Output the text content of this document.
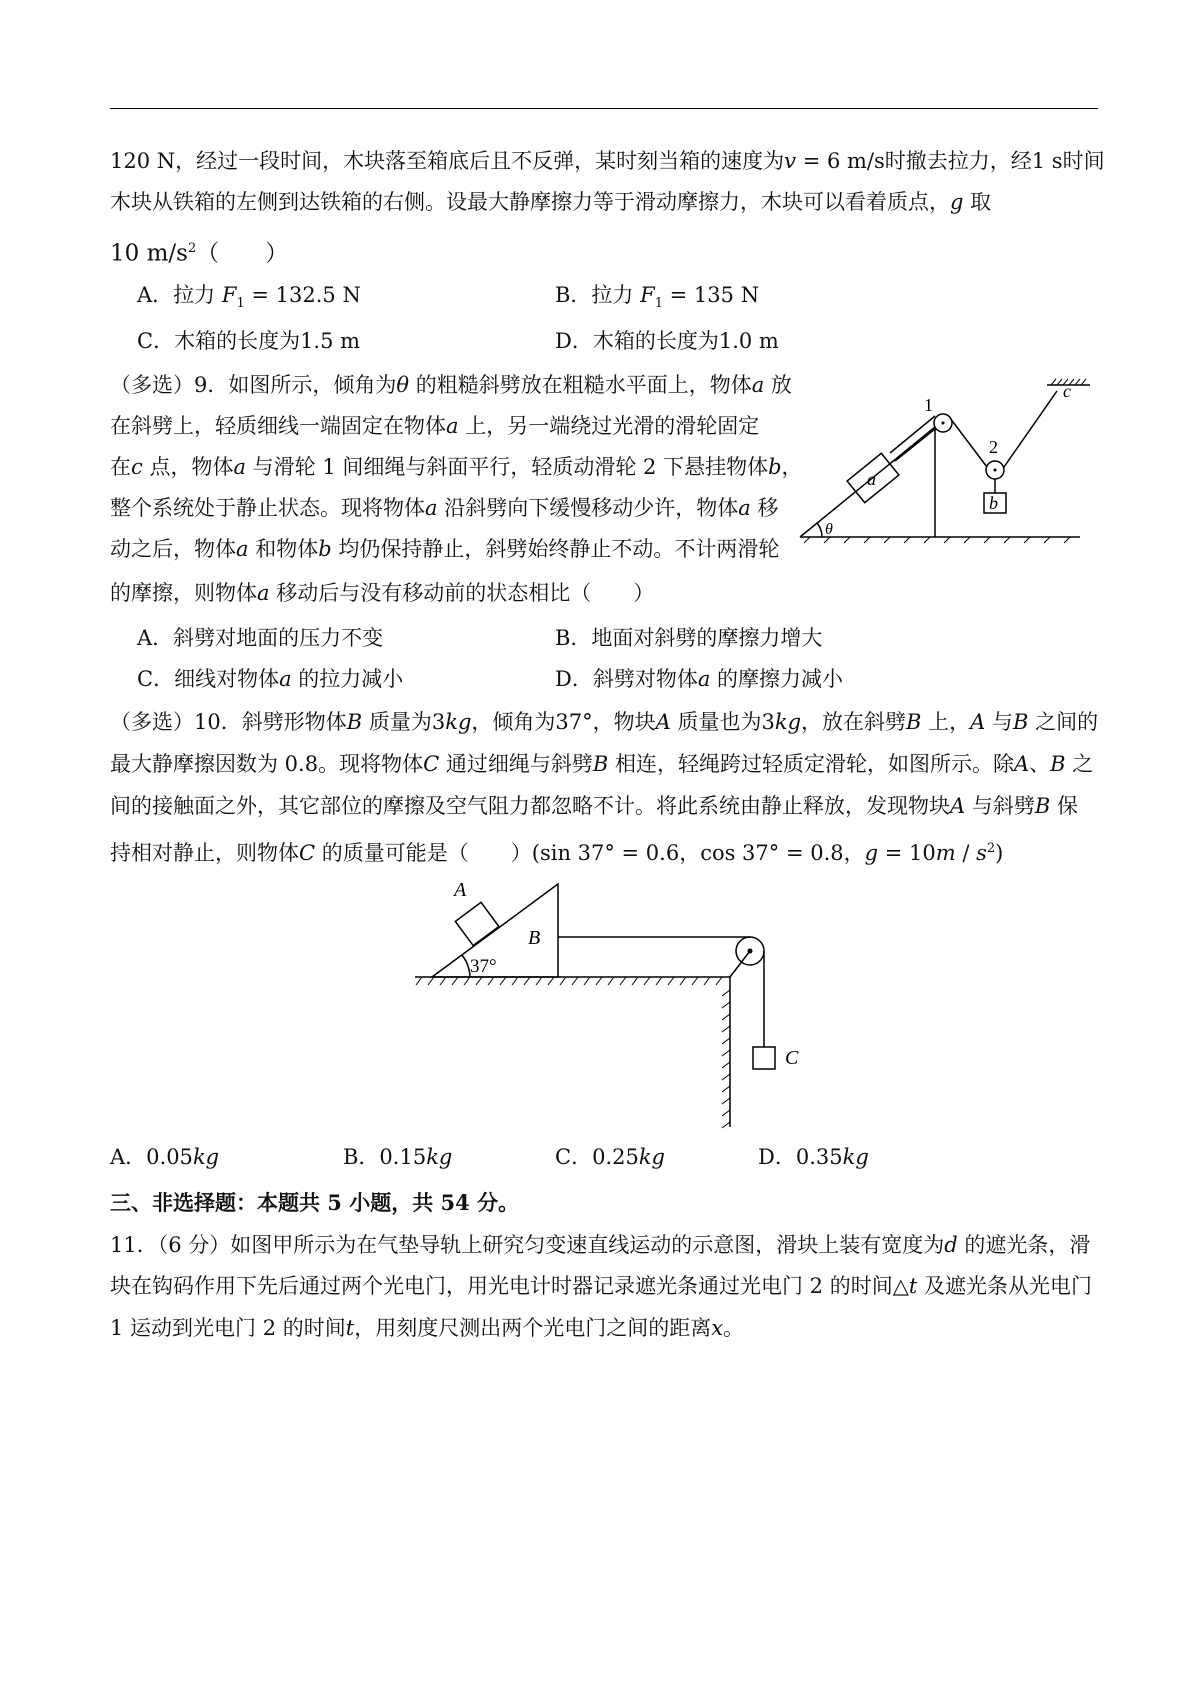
120 N，经过一段时间，木块落至箱底后且不反弹，某时刻当箱的速度为v = 6 m/s时撤去拉力，经1 s时间
木块从铁箱的左侧到达铁箱的右侧。设最大静摩擦力等于滑动摩擦力，木块可以看着质点，g 取
10 $m/s^2$（　　）
A．拉力 $F_1 = 132.5$ N	B．拉力 $F_1 = 135$ N
C．木箱的长度为1.5 m	D．木箱的长度为1.0 m
（多选）9．如图所示，倾角为θ 的粗糙斜劈放在粗糙水平面上，物体a 放
在斜劈上，轻质细线一端固定在物体a 上，另一端绕过光滑的滑轮固定
在c 点，物体a 与滑轮 1 间细绳与斜面平行，轻质动滑轮 2 下悬挂物体b，
整个系统处于静止状态。现将物体a 沿斜劈向下缓慢移动少许，物体a 移
动之后，物体a 和物体b 均仍保持静止，斜劈始终静止不动。不计两滑轮
的摩擦，则物体a 移动后与没有移动前的状态相比（　　）
1
2
c
a
b
θ
A．斜劈对地面的压力不变	B．地面对斜劈的摩擦力增大
C．细线对物体a 的拉力减小	D．斜劈对物体a 的摩擦力减小
（多选）10．斜劈形物体B 质量为3kg，倾角为37°，物块A 质量也为3kg，放在斜劈B 上，A 与B 之间的
最大静摩擦因数为 0.8。现将物体C 通过细绳与斜劈B 相连，轻绳跨过轻质定滑轮，如图所示。除A、B 之
间的接触面之外，其它部位的摩擦及空气阻力都忽略不计。将此系统由静止释放，发现物块A 与斜劈B 保
持相对静止，则物体C 的质量可能是（　　）(sin 37° = 0.6，cos 37° = 0.8，$g = 10m / s^2$)
A
B
C
37°
A．0.05kg	B．0.15kg	C．0.25kg	D．0.35kg
三、非选择题：本题共 5 小题，共 54 分。
11．（6 分）如图甲所示为在气垫导轨上研究匀变速直线运动的示意图，滑块上装有宽度为d 的遮光条，滑
块在钩码作用下先后通过两个光电门，用光电计时器记录遮光条通过光电门 2 的时间△t 及遮光条从光电门
1 运动到光电门 2 的时间t，用刻度尺测出两个光电门之间的距离x。
